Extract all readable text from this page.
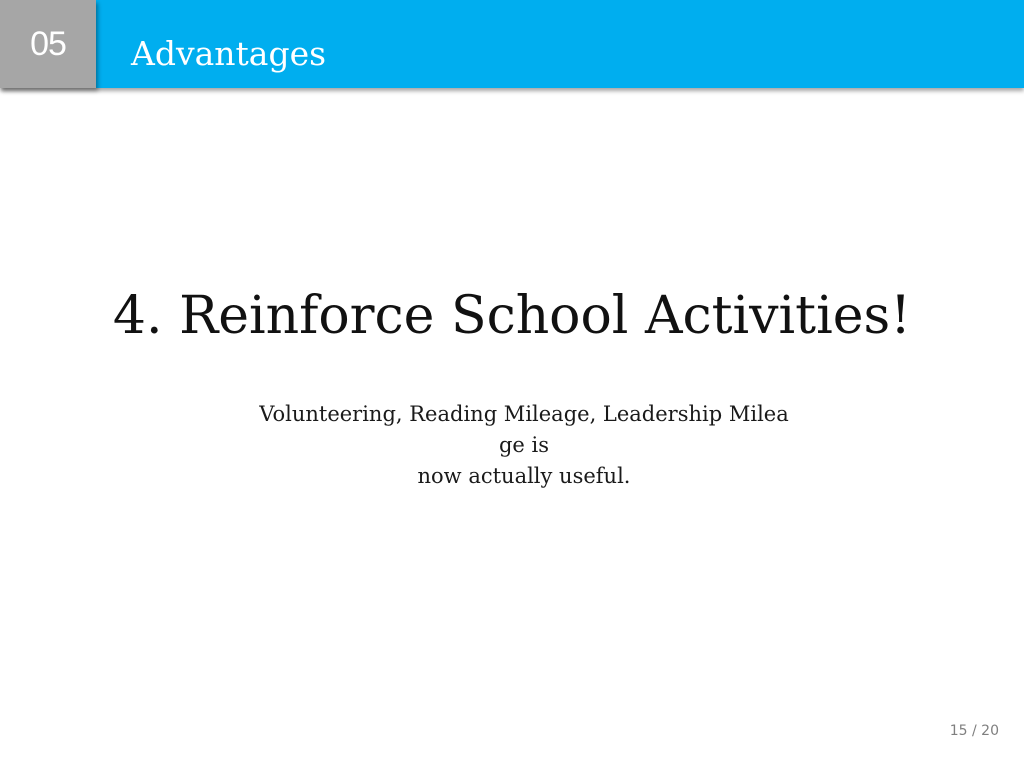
05 Advantages
4. Reinforce School Activities!
Volunteering, Reading Mileage, Leadership Milea
ge is
now actually useful.
15 / 20
